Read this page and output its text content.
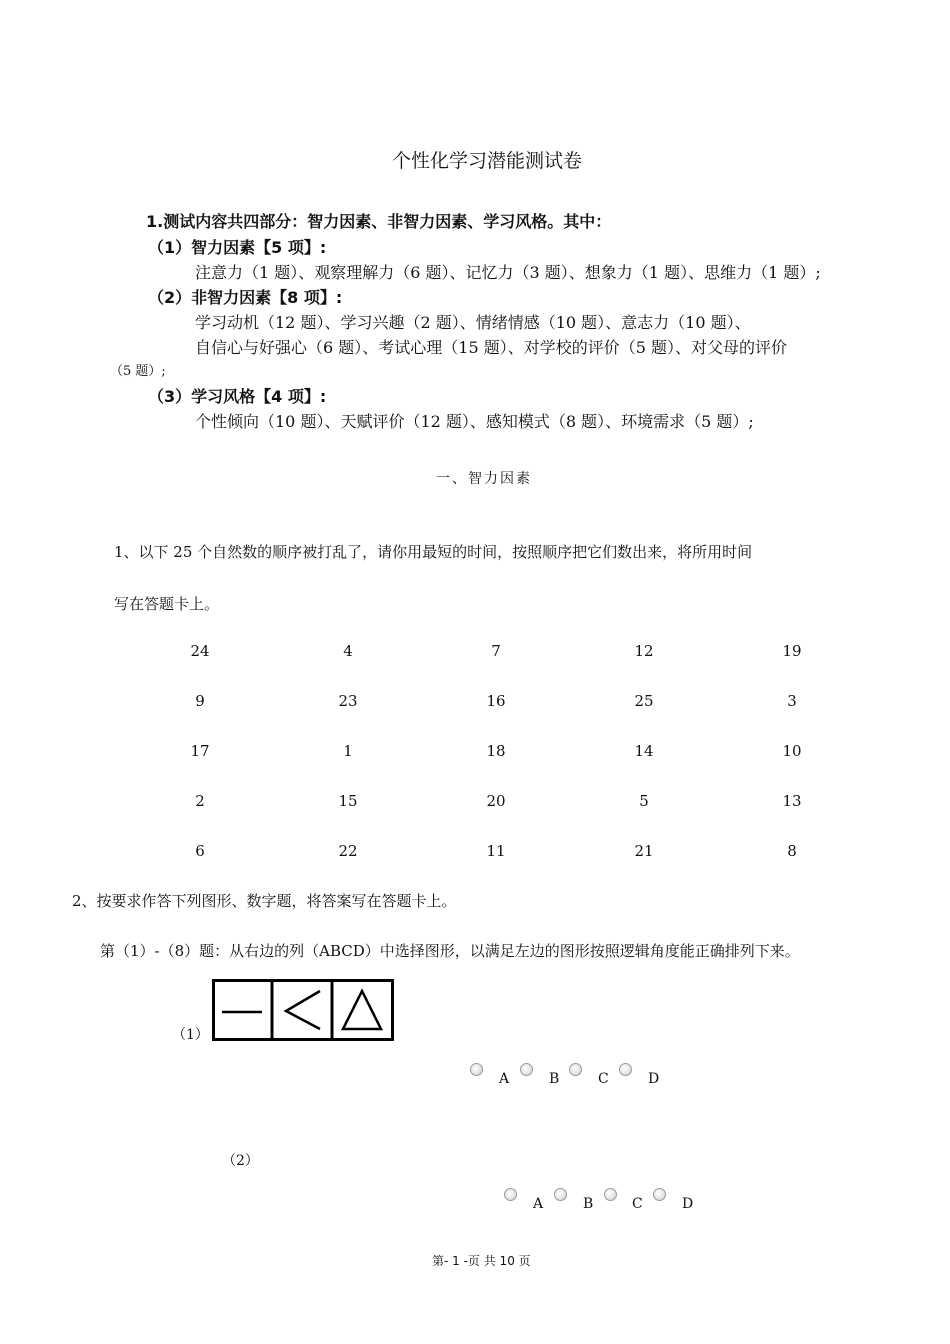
个性化学习潜能测试卷
1.测试内容共四部分：智力因素、非智力因素、学习风格。其中：
（1）智力因素【5 项】:
注意力（1 题）、观察理解力（6 题）、记忆力（3 题）、想象力（1 题）、思维力（1 题）;
（2）非智力因素【8 项】:
学习动机（12 题）、学习兴趣（2 题）、情绪情感（10 题）、意志力（10 题）、
自信心与好强心（6 题）、考试心理（15 题）、对学校的评价（5 题）、对父母的评价
（5 题）;
（3）学习风格【4 项】:
个性倾向（10 题）、天赋评价（12 题）、感知模式（8 题）、环境需求（5 题）;
一、智力因素
1、以下 25 个自然数的顺序被打乱了，请你用最短的时间，按照顺序把它们数出来，将所用时间
写在答题卡上。
24	4	7	12	19
9	23	16	25	3
17	1	18	14	10
2	15	20	5	13
6	22	11	21	8
2、按要求作答下列图形、数字题，将答案写在答题卡上。
第（1）-（8）题：从右边的列（ABCD）中选择图形，以满足左边的图形按照逻辑角度能正确排列下来。
（1）
A	B	C	D
（2）
A	B	C	D
第- 1 -页 共 10 页
